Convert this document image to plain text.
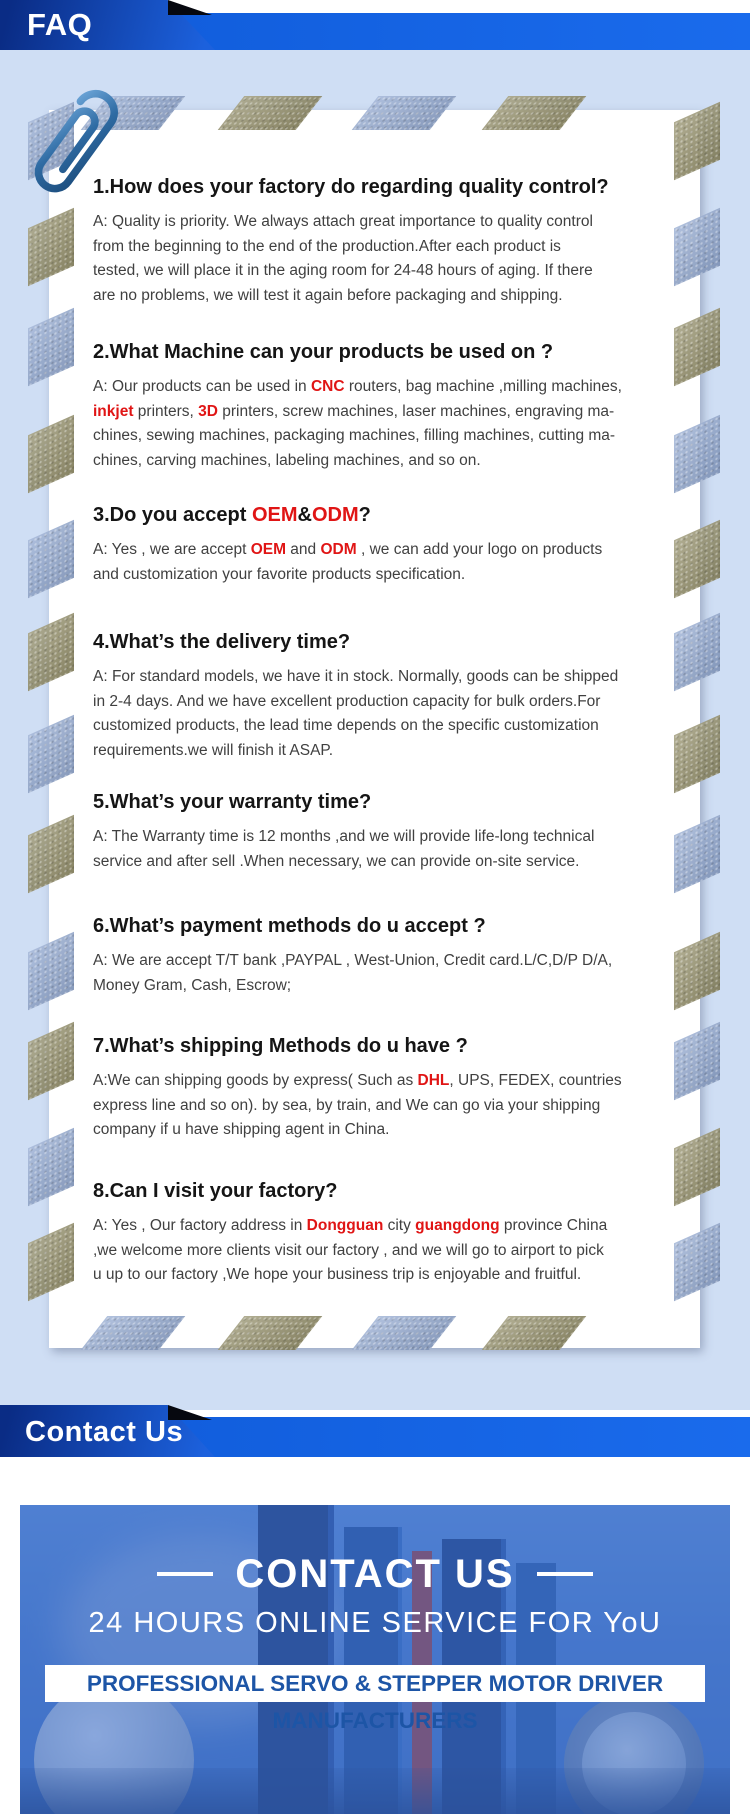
FAQ
1.How does your factory do regarding quality control?

A: Quality is priority. We always attach great importance to quality control
from the beginning to the end of the production.After each product is
tested, we will place it in the aging room for 24-48 hours of aging. If there
are no problems, we will test it again before packaging and shipping.

2.What Machine can your products be used on ?

A: Our products can be used in CNC routers, bag machine ,milling machines,
inkjet printers, 3D printers, screw machines, laser machines, engraving ma-
chines, sewing machines, packaging machines, filling machines, cutting ma-
chines, carving machines, labeling machines, and so on.

3.Do you accept OEM&ODM?

A: Yes , we are accept OEM and ODM , we can add your logo on products
and customization your favorite products specification.

4.What’s the delivery time?

A: For standard models, we have it in stock. Normally, goods can be shipped
in 2-4 days. And we have excellent production capacity for bulk orders.For
customized products, the lead time depends on the specific customization
requirements.we will finish it ASAP.

5.What’s your warranty time?

A: The Warranty time is 12 months ,and we will provide life-long technical
service and after sell .When necessary, we can provide on-site service.

6.What’s payment methods do u accept ?

A: We are accept T/T bank ,PAYPAL , West-Union, Credit card.L/C,D/P D/A,
Money Gram, Cash, Escrow;

7.What’s shipping Methods do u have ?

A:We can shipping goods by express( Such as DHL, UPS, FEDEX, countries
express line and so on). by sea, by train, and We can go via your shipping
company if u have shipping agent in China.

8.Can I visit your factory?

A: Yes , Our factory address in Dongguan city guangdong province China
,we welcome more clients visit our factory , and we will go to airport to pick
u up to our factory ,We hope your business trip is enjoyable and fruitful.

Contact Us
CONTACT US
24 HOURS ONLINE SERVICE FOR YoU
PROFESSIONAL SERVO & STEPPER MOTOR DRIVER MANUFACTURERS
